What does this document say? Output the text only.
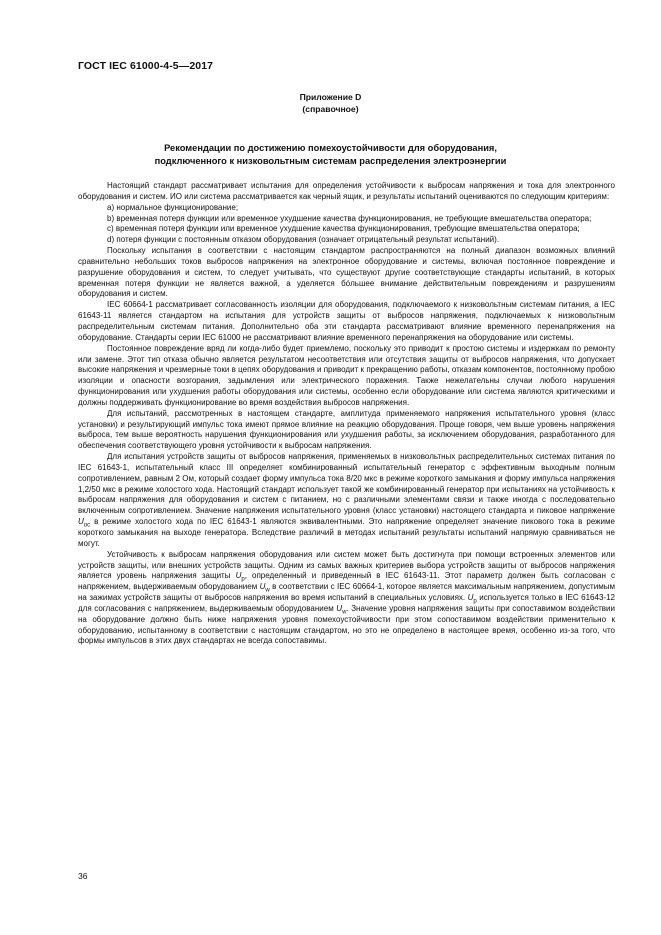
ГОСТ IEC 61000-4-5—2017
Приложение D
(справочное)
Рекомендации по достижению помехоустойчивости для оборудования,
подключенного к низковольтным системам распределения электроэнергии

Настоящий стандарт рассматривает испытания для определения устойчивости к выбросам напряжения и тока для электронного оборудования и систем. ИО или система рассматривается как черный ящик, и результаты испытаний оцениваются по следующим критериям:

a) нормальное функционирование;

b) временная потеря функции или временное ухудшение качества функционирования, не требующие вмешательства оператора;

c) временная потеря функции или временное ухудшение качества функционирования, требующие вмешательства оператора;

d) потеря функции с постоянным отказом оборудования (означает отрицательный результат испытаний).

Поскольку испытания в соответствии с настоящим стандартом распространяются на полный диапазон возможных влияний сравнительно небольших токов выбросов напряжения на электронное оборудование и системы, включая постоянное повреждение и разрушение оборудования и систем, то следует учитывать, что существуют другие соответствующие стандарты испытаний, в которых временная потеря функции не является важной, а уделяется бóльшее внимание действительным повреждениям и разрушениям оборудования и систем.

IEC 60664-1 рассматривает согласованность изоляции для оборудования, подключаемого к низковольтным системам питания, а IEC 61643-11 является стандартом на испытания для устройств защиты от выбросов напряжения, подключаемых к низковольтным распределительным системам питания. Дополнительно оба эти стандарта рассматривают влияние временного перенапряжения на оборудование. Стандарты серии IEC 61000 не рассматривают влияние временного перенапряжения на оборудование или системы.

Постоянное повреждение вряд ли когда-либо будет приемлемо, поскольку это приводит к простою системы и издержкам по ремонту или замене. Этот тип отказа обычно является результатом несоответствия или отсутствия защиты от выбросов напряжения, что допускает высокие напряжения и чрезмерные токи в цепях оборудования и приводит к прекращению работы, отказам компонентов, постоянному пробою изоляции и опасности возгорания, задымления или электрического поражения. Также нежелательны случаи любого нарушения функционирования или ухудшения работы оборудования или системы, особенно если оборудование или система являются критическими и должны поддерживать функционирование во время воздействия выбросов напряжения.

Для испытаний, рассмотренных в настоящем стандарте, амплитуда применяемого напряжения испытательного уровня (класс установки) и результирующий импульс тока имеют прямое влияние на реакцию оборудования. Проще говоря, чем выше уровень напряжения выброса, тем выше вероятность нарушения функционирования или ухудшения работы, за исключением оборудования, разработанного для обеспечения соответствующего уровня устойчивости к выбросам напряжения.

Для испытания устройств защиты от выбросов напряжения, применяемых в низковольтных распределительных системах питания по IEC 61643-1, испытательный класс III определяет комбинированный испытательный генератор с эффективным выходным полным сопротивлением, равным 2 Ом, который создает форму импульса тока 8/20 мкс в режиме короткого замыкания и форму импульса напряжения 1,2/50 мкс в режиме холостого хода. Настоящий стандарт использует такой же комбинированный генератор при испытаниях на устойчивость к выбросам напряжения для оборудования и систем с питанием, но с различными элементами связи и также иногда с последовательно включенным сопротивлением. Значение напряжения испытательного уровня (класс установки) настоящего стандарта и пиковое напряжение $U_{oc}$ в режиме холостого хода по IEC 61643-1 являются эквивалентными. Это напряжение определяет значение пикового тока в режиме короткого замыкания на выходе генератора. Вследствие различий в методах испытаний результаты испытаний напрямую сравниваться не могут.

Устойчивость к выбросам напряжения оборудования или систем может быть достигнута при помощи встроенных элементов или устройств защиты, или внешних устройств защиты. Одним из самых важных критериев выбора устройств защиты от выбросов напряжения является уровень напряжения защиты $U_p$, определенный и приведенный в IEC 61643-11. Этот параметр должен быть согласован с напряжением, выдерживаемым оборудованием $U_w$ в соответствии с IEC 60664-1, которое является максимальным напряжением, допустимым на зажимах устройств защиты от выбросов напряжения во время испытаний в специальных условиях. $U_p$ используется только в IEC 61643-12 для согласования с напряжением, выдерживаемым оборудованием $U_w$. Значение уровня напряжения защиты при сопоставимом воздействии на оборудование должно быть ниже напряжения уровня помехоустойчивости при этом сопоставимом воздействии применительно к оборудованию, испытанному в соответствии с настоящим стандартом, но это не определено в настоящее время, особенно из-за того, что формы импульсов в этих двух стандартах не всегда сопоставимы.

36
